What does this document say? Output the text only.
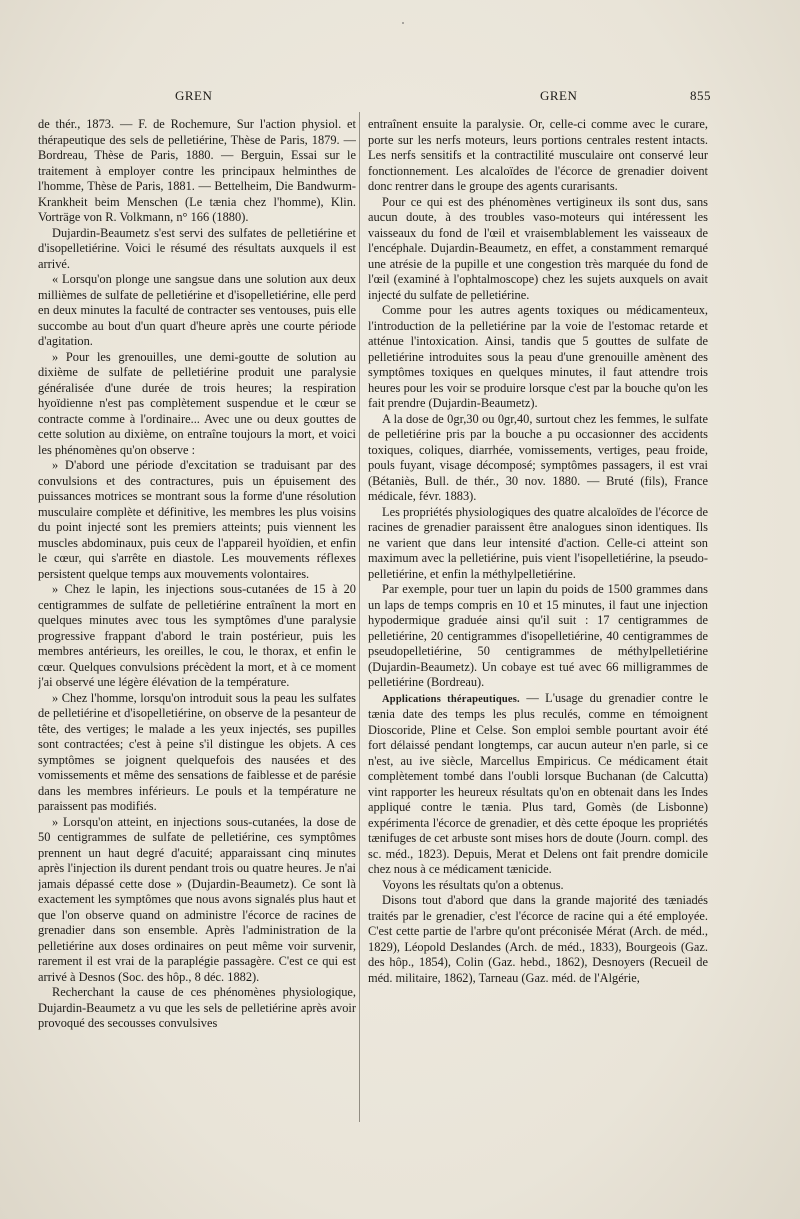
GREN	GREN	855

de thér., 1873. — F. de Rochemure, Sur l'action physiol. et thérapeutique des sels de pelletiérine, Thèse de Paris, 1879. — Bordreau, Thèse de Paris, 1880. — Berguin, Essai sur le traitement à employer contre les principaux helminthes de l'homme, Thèse de Paris, 1881. — Bettelheim, Die Bandwurm-Krankheit beim Menschen (Le tænia chez l'homme), Klin. Vorträge von R. Volkmann, n° 166 (1880).

Dujardin-Beaumetz s'est servi des sulfates de pelletiérine et d'isopelletiérine. Voici le résumé des résultats auxquels il est arrivé.

« Lorsqu'on plonge une sangsue dans une solution aux deux millièmes de sulfate de pelletiérine et d'isopelletiérine, elle perd en deux minutes la faculté de contracter ses ventouses, puis elle succombe au bout d'un quart d'heure après une courte période d'agitation.

» Pour les grenouilles, une demi-goutte de solution au dixième de sulfate de pelletiérine produit une paralysie généralisée d'une durée de trois heures; la respiration hyoïdienne n'est pas complètement suspendue et le cœur se contracte comme à l'ordinaire... Avec une ou deux gouttes de cette solution au dixième, on entraîne toujours la mort, et voici les phénomènes qu'on observe :

» D'abord une période d'excitation se traduisant par des convulsions et des contractures, puis un épuisement des puissances motrices se montrant sous la forme d'une résolution musculaire complète et définitive, les membres les plus voisins du point injecté sont les premiers atteints; puis viennent les muscles abdominaux, puis ceux de l'appareil hyoïdien, et enfin le cœur, qui s'arrête en diastole. Les mouvements réflexes persistent quelque temps aux mouvements volontaires.

» Chez le lapin, les injections sous-cutanées de 15 à 20 centigrammes de sulfate de pelletiérine entraînent la mort en quelques minutes avec tous les symptômes d'une paralysie progressive frappant d'abord le train postérieur, puis les membres antérieurs, les oreilles, le cou, le thorax, et enfin le cœur. Quelques convulsions précèdent la mort, et à ce moment j'ai observé une légère élévation de la température.

» Chez l'homme, lorsqu'on introduit sous la peau les sulfates de pelletiérine et d'isopelletiérine, on observe de la pesanteur de tête, des vertiges; le malade a les yeux injectés, ses pupilles sont contractées; c'est à peine s'il distingue les objets. A ces symptômes se joignent quelquefois des nausées et des vomissements et même des sensations de faiblesse et de parésie dans les membres inférieurs. Le pouls et la température ne paraissent pas modifiés.

» Lorsqu'on atteint, en injections sous-cutanées, la dose de 50 centigrammes de sulfate de pelletiérine, ces symptômes prennent un haut degré d'acuité; apparaissant cinq minutes après l'injection ils durent pendant trois ou quatre heures. Je n'ai jamais dépassé cette dose » (Dujardin-Beaumetz). Ce sont là exactement les symptômes que nous avons signalés plus haut et que l'on observe quand on administre l'écorce de racines de grenadier dans son ensemble. Après l'administration de la pelletiérine aux doses ordinaires on peut même voir survenir, rarement il est vrai de la paraplégie passagère. C'est ce qui est arrivé à Desnos (Soc. des hôp., 8 déc. 1882).

Recherchant la cause de ces phénomènes physiologique, Dujardin-Beaumetz a vu que les sels de pelletiérine après avoir provoqué des secousses convulsives

entraînent ensuite la paralysie. Or, celle-ci comme avec le curare, porte sur les nerfs moteurs, leurs portions centrales restent intacts. Les nerfs sensitifs et la contractilité musculaire ont conservé leur fonctionnement. Les alcaloïdes de l'écorce de grenadier doivent donc rentrer dans le groupe des agents curarisants.

Pour ce qui est des phénomènes vertigineux ils sont dus, sans aucun doute, à des troubles vaso-moteurs qui intéressent les vaisseaux du fond de l'œil et vraisemblablement les vaisseaux de l'encéphale. Dujardin-Beaumetz, en effet, a constamment remarqué une atrésie de la pupille et une congestion très marquée du fond de l'œil (examiné à l'ophtalmoscope) chez les sujets auxquels on avait injecté du sulfate de pelletiérine.

Comme pour les autres agents toxiques ou médicamenteux, l'introduction de la pelletiérine par la voie de l'estomac retarde et atténue l'intoxication. Ainsi, tandis que 5 gouttes de sulfate de pelletiérine introduites sous la peau d'une grenouille amènent des symptômes toxiques en quelques minutes, il faut attendre trois heures pour les voir se produire lorsque c'est par la bouche qu'on les fait prendre (Dujardin-Beaumetz).

A la dose de 0gr,30 ou 0gr,40, surtout chez les femmes, le sulfate de pelletiérine pris par la bouche a pu occasionner des accidents toxiques, coliques, diarrhée, vomissements, vertiges, peau froide, pouls fuyant, visage décomposé; symptômes passagers, il est vrai (Bétaniès, Bull. de thér., 30 nov. 1880. — Bruté (fils), France médicale, févr. 1883).

Les propriétés physiologiques des quatre alcaloïdes de l'écorce de racines de grenadier paraissent être analogues sinon identiques. Ils ne varient que dans leur intensité d'action. Celle-ci atteint son maximum avec la pelletiérine, puis vient l'isopelletiérine, la pseudo-pelletiérine, et enfin la méthylpelletiérine.

Par exemple, pour tuer un lapin du poids de 1500 grammes dans un laps de temps compris en 10 et 15 minutes, il faut une injection hypodermique graduée ainsi qu'il suit : 17 centigrammes de pelletiérine, 20 centigrammes d'isopelletiérine, 40 centigrammes de pseudopelletiérine, 50 centigrammes de méthylpelletiérine (Dujardin-Beaumetz). Un cobaye est tué avec 66 milligrammes de pelletiérine (Bordreau).

Applications thérapeutiques. — L'usage du grenadier contre le tænia date des temps les plus reculés, comme en témoignent Dioscoride, Pline et Celse. Son emploi semble pourtant avoir été fort délaissé pendant longtemps, car aucun auteur n'en parle, si ce n'est, au ive siècle, Marcellus Empiricus. Ce médicament était complètement tombé dans l'oubli lorsque Buchanan (de Calcutta) vint rapporter les heureux résultats qu'on en obtenait dans les Indes appliqué contre le tænia. Plus tard, Gomès (de Lisbonne) expérimenta l'écorce de grenadier, et dès cette époque les propriétés tænifuges de cet arbuste sont mises hors de doute (Journ. compl. des sc. méd., 1823). Depuis, Merat et Delens ont fait prendre domicile chez nous à ce médicament tænicide.

Voyons les résultats qu'on a obtenus.

Disons tout d'abord que dans la grande majorité des tæniadés traités par le grenadier, c'est l'écorce de racine qui a été employée. C'est cette partie de l'arbre qu'ont préconisée Mérat (Arch. de méd., 1829), Léopold Deslandes (Arch. de méd., 1833), Bourgeois (Gaz. des hôp., 1854), Colin (Gaz. hebd., 1862), Desnoyers (Recueil de méd. militaire, 1862), Tarneau (Gaz. méd. de l'Algérie,
